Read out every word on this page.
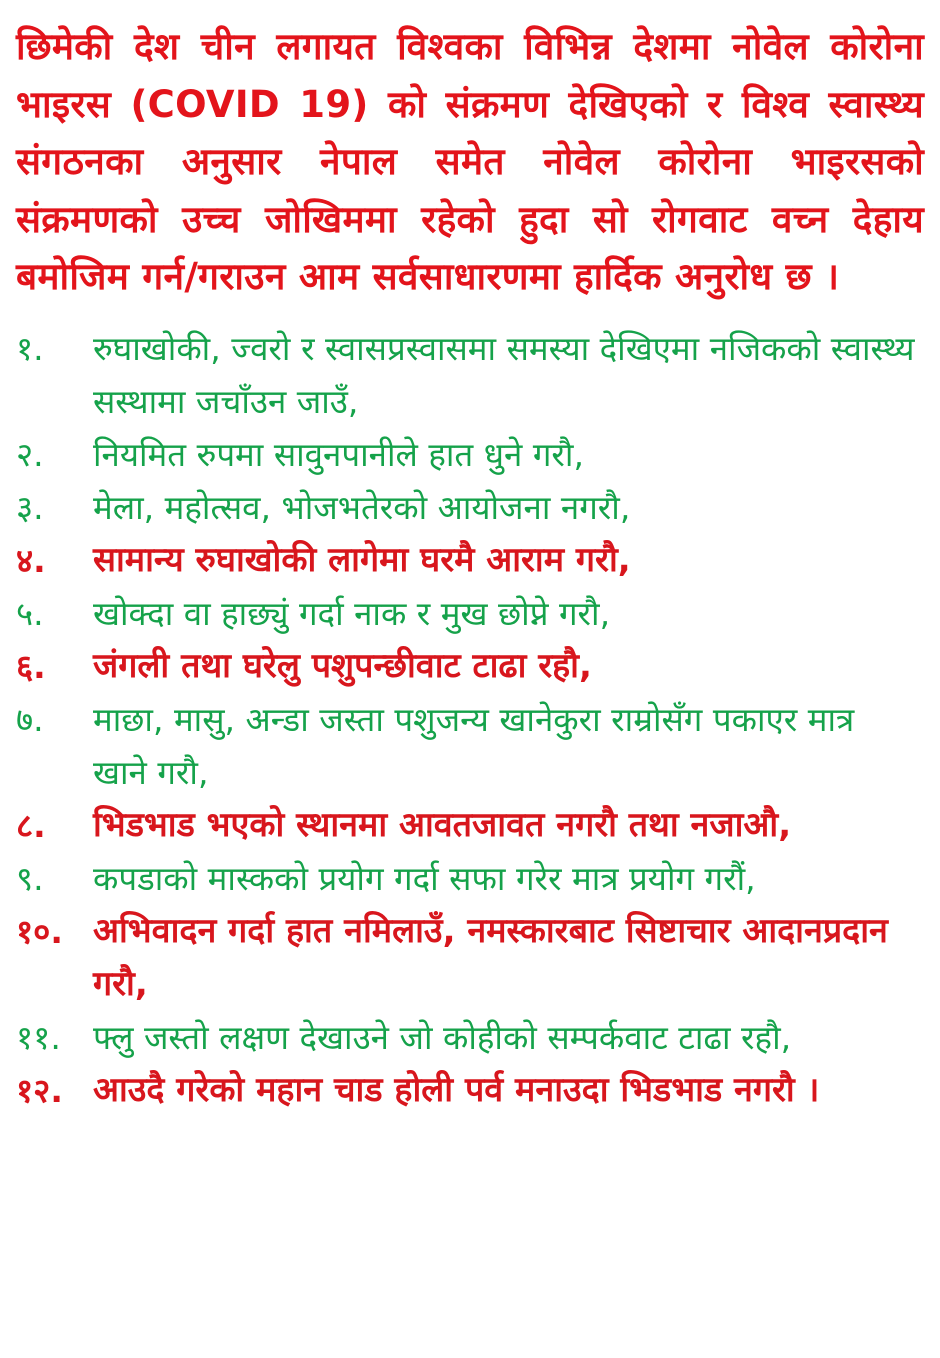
छिमेकी देश चीन लगायत विश्वका विभिन्न देशमा नोवेल कोरोना भाइरस (COVID 19) को संक्रमण देखिएको र विश्व स्वास्थ्य संगठनका अनुसार नेपाल समेत नोवेल कोरोना भाइरसको संक्रमणको उच्च जोखिममा रहेको हुदा सो रोगवाट वच्न देहाय बमोजिम गर्न/गराउन आम सर्वसाधारणमा हार्दिक अनुरोध छ ।

१.	रुघाखोकी, ज्वरो र स्वासप्रस्वासमा समस्या देखिएमा नजिकको स्वास्थ्य सस्थामा जचाँउन जाउँ,
२.	नियमित रुपमा सावुनपानीले हात धुने गरौ,
३.	मेला, महोत्सव, भोजभतेरको आयोजना नगरौ,
४.	सामान्य रुघाखोकी लागेमा घरमै आराम गरौ,
५.	खोक्दा वा हाछ्युं गर्दा नाक र मुख छोप्ने गरौ,
६.	जंगली तथा घरेलु पशुपन्छीवाट टाढा रहौ,
७.	माछा, मासु, अन्डा जस्ता पशुजन्य खानेकुरा राम्रोसँग पकाएर मात्र खाने गरौ,
८.	भिडभाड भएको स्थानमा आवतजावत नगरौ तथा नजाऔ,
९.	कपडाको मास्कको प्रयोग गर्दा सफा गरेर मात्र प्रयोग गरौं,
१०. अभिवादन गर्दा हात नमिलाउँ, नमस्कारबाट सिष्टाचार आदानप्रदान गरौ,
११. फ्लु जस्तो लक्षण देखाउने जो कोहीको सम्पर्कवाट टाढा रहौ,
१२. आउदै गरेको महान चाड होली पर्व मनाउदा भिडभाड नगरौ ।
